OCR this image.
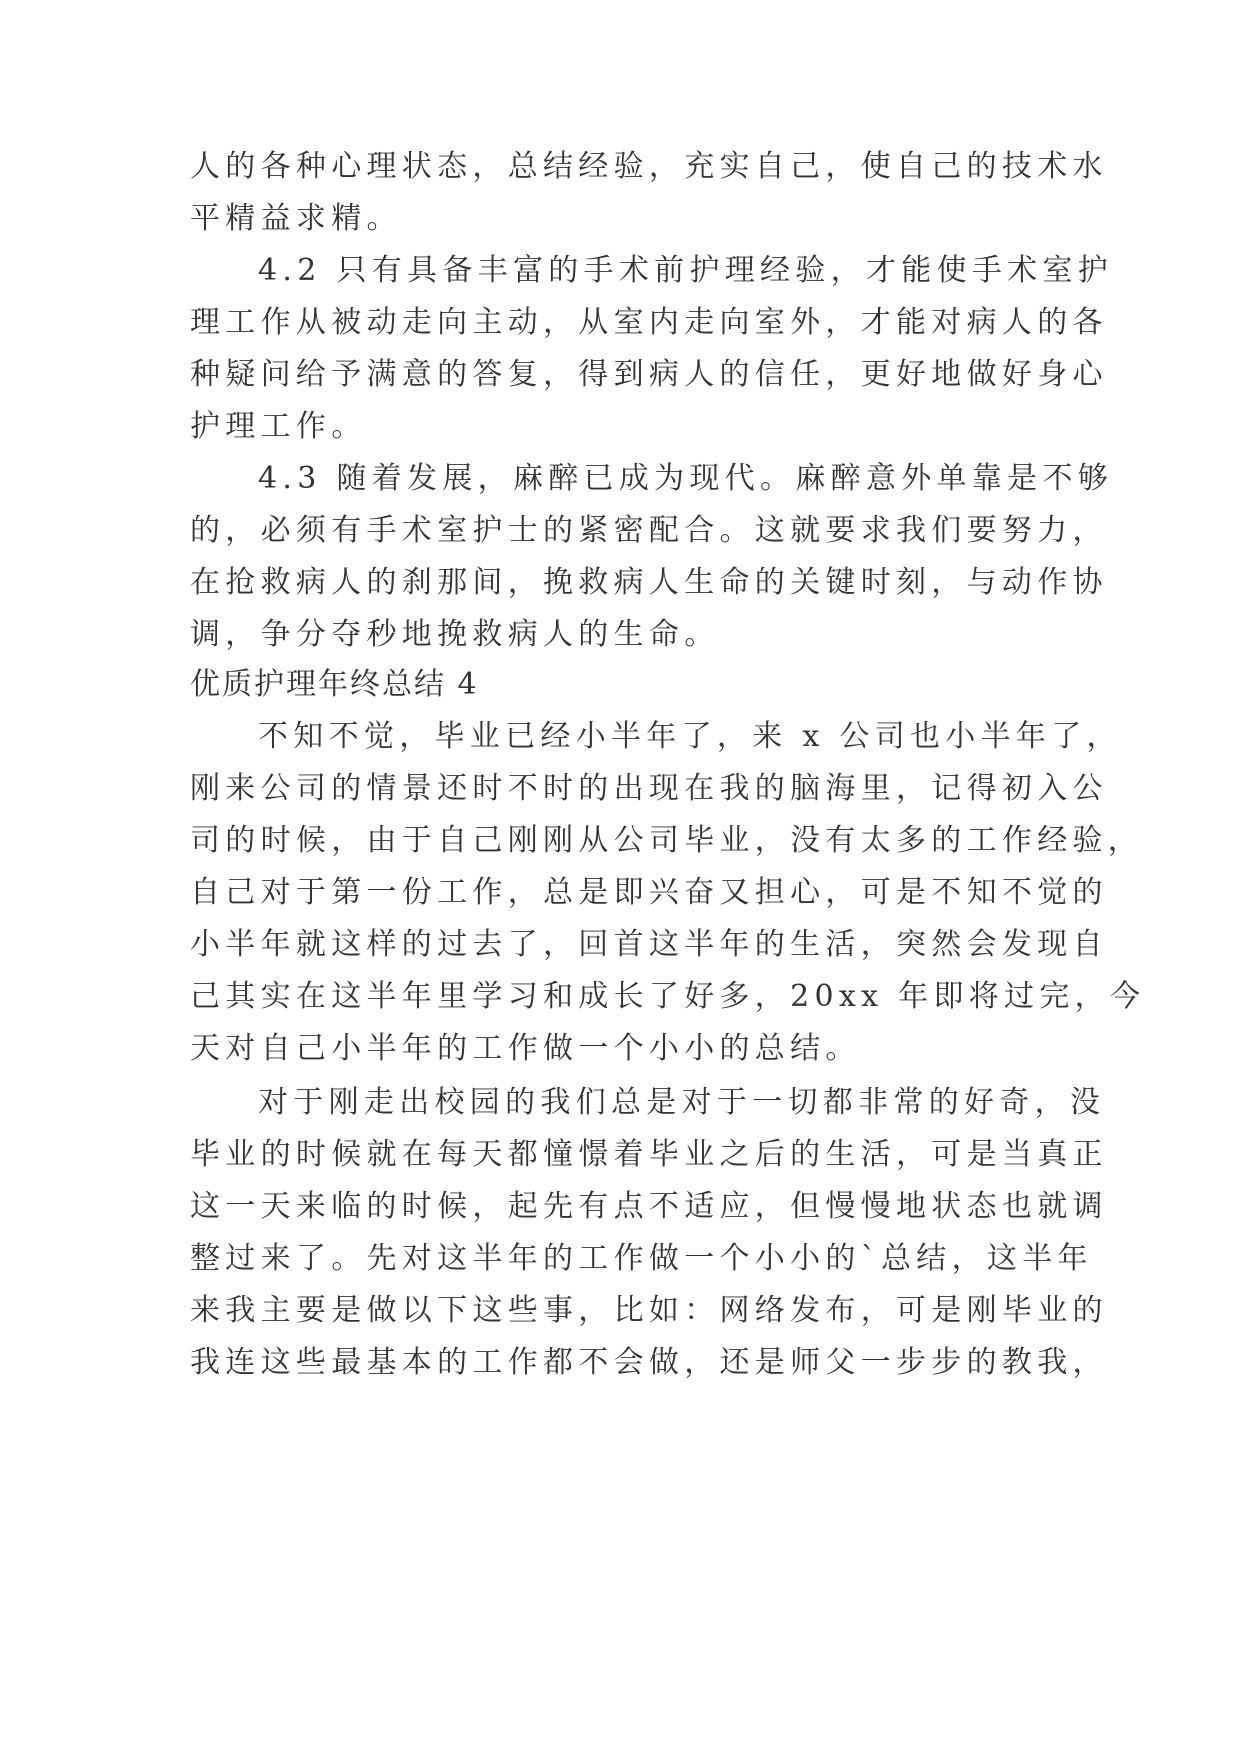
人的各种心理状态，总结经验，充实自己，使自己的技术水
平精益求精。
4.2 只有具备丰富的手术前护理经验，才能使手术室护
理工作从被动走向主动，从室内走向室外，才能对病人的各
种疑问给予满意的答复，得到病人的信任，更好地做好身心
护理工作。
4.3 随着发展，麻醉已成为现代。麻醉意外单靠是不够
的，必须有手术室护士的紧密配合。这就要求我们要努力，
在抢救病人的刹那间，挽救病人生命的关键时刻，与动作协
调，争分夺秒地挽救病人的生命。
优质护理年终总结 4
不知不觉，毕业已经小半年了，来 x 公司也小半年了，
刚来公司的情景还时不时的出现在我的脑海里，记得初入公
司的时候，由于自己刚刚从公司毕业，没有太多的工作经验，
自己对于第一份工作，总是即兴奋又担心，可是不知不觉的
小半年就这样的过去了，回首这半年的生活，突然会发现自
己其实在这半年里学习和成长了好多，20xx 年即将过完，今
天对自己小半年的工作做一个小小的总结。
对于刚走出校园的我们总是对于一切都非常的好奇，没
毕业的时候就在每天都憧憬着毕业之后的生活，可是当真正
这一天来临的时候，起先有点不适应，但慢慢地状态也就调
整过来了。先对这半年的工作做一个小小的`总结，这半年
来我主要是做以下这些事，比如：网络发布，可是刚毕业的
我连这些最基本的工作都不会做，还是师父一步步的教我，
